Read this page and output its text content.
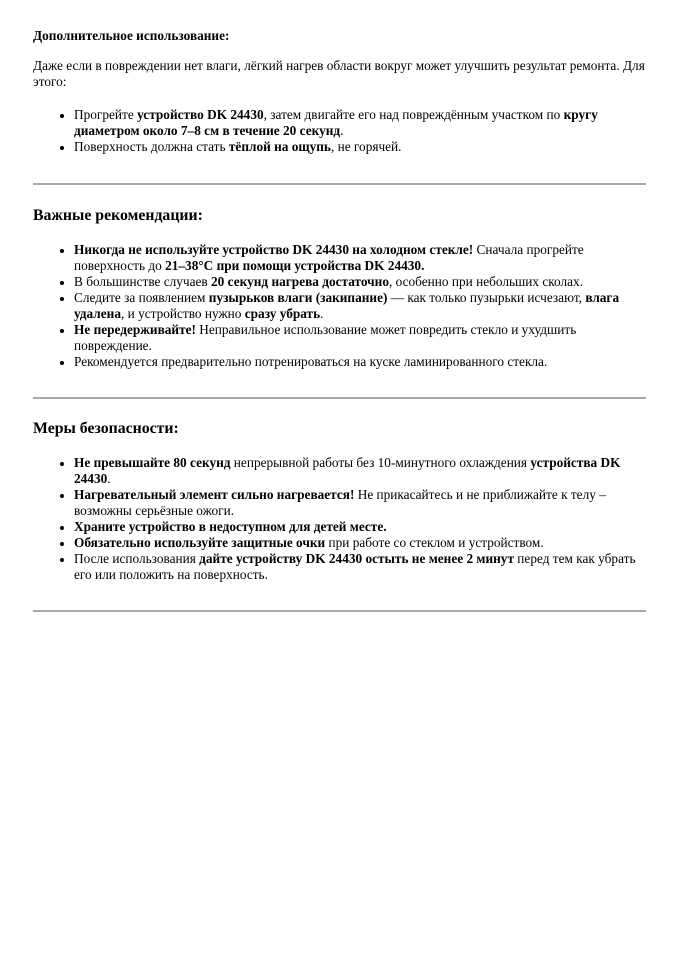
Дополнительное использование:
Даже если в повреждении нет влаги, лёгкий нагрев области вокруг может улучшить результат ремонта. Для этого:
• Прогрейте устройство DK 24430, затем двигайте его над повреждённым участком по кругу диаметром около 7–8 см в течение 20 секунд.
• Поверхность должна стать тёплой на ощупь, не горячей.
Важные рекомендации:
• Никогда не используйте устройство DK 24430 на холодном стекле! Сначала прогрейте поверхность до 21–38°C при помощи устройства DK 24430.
• В большинстве случаев 20 секунд нагрева достаточно, особенно при небольших сколах.
• Следите за появлением пузырьков влаги (закипание) — как только пузырьки исчезают, влага удалена, и устройство нужно сразу убрать.
• Не передерживайте! Неправильное использование может повредить стекло и ухудшить повреждение.
• Рекомендуется предварительно потренироваться на куске ламинированного стекла.
Меры безопасности:
• Не превышайте 80 секунд непрерывной работы без 10-минутного охлаждения устройства DK 24430.
• Нагревательный элемент сильно нагревается! Не прикасайтесь и не приближайте к телу – возможны серьёзные ожоги.
• Храните устройство в недоступном для детей месте.
• Обязательно используйте защитные очки при работе со стеклом и устройством.
• После использования дайте устройству DK 24430 остыть не менее 2 минут перед тем как убрать его или положить на поверхность.
